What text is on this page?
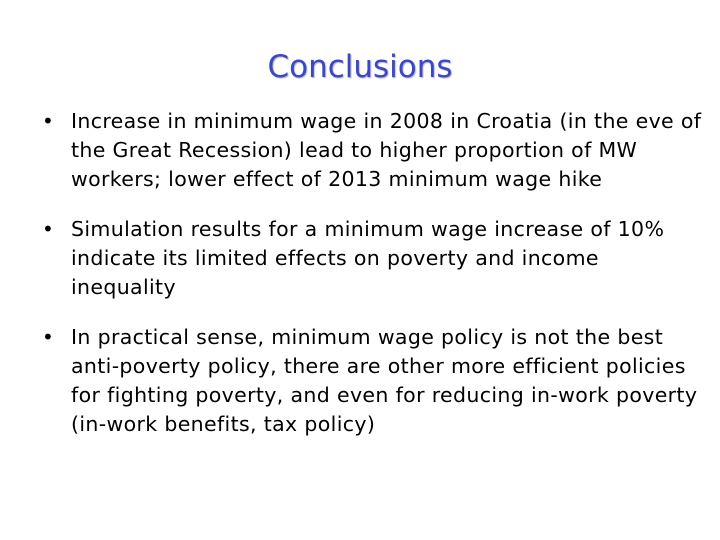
Conclusions
• Increase in minimum wage in 2008 in Croatia (in the eve of the Great Recession) lead to higher proportion of MW workers; lower effect of 2013 minimum wage hike
• Simulation results for a minimum wage increase of 10% indicate its limited effects on poverty and income inequality
• In practical sense, minimum wage policy is not the best anti-poverty policy, there are other more efficient policies for fighting poverty, and even for reducing in-work poverty (in-work benefits, tax policy)
